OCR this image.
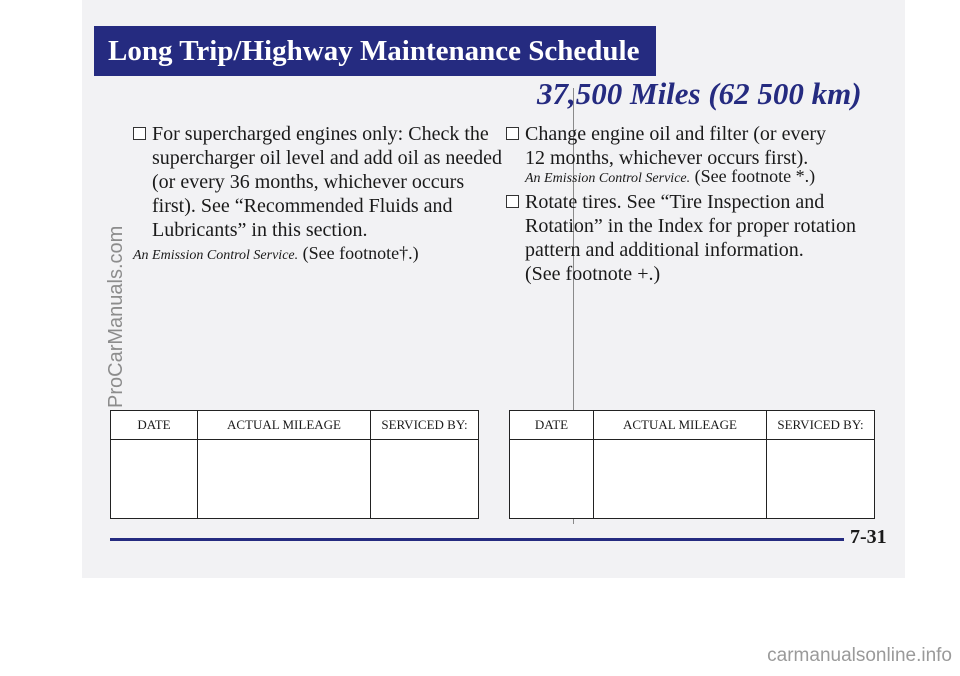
Long Trip/Highway Maintenance Schedule
For supercharged engines only: Check the
supercharger oil level and add oil as needed
(or every 36 months, whichever occurs
first). See “Recommended Fluids and
Lubricants” in this section.
An Emission Control Service. (See footnote†.)
37,500 Miles (62 500 km)
Change engine oil and filter (or every
12 months, whichever occurs first).
An Emission Control Service. (See footnote *.)
Rotate tires. See “Tire Inspection and
Rotation” in the Index for proper rotation
pattern and additional information.
(See footnote +.)
DATE	ACTUAL MILEAGE	SERVICED BY:
			DATE	ACTUAL MILEAGE	SERVICED BY:

7-31
ProCarManuals.com
carmanualsonline.info
